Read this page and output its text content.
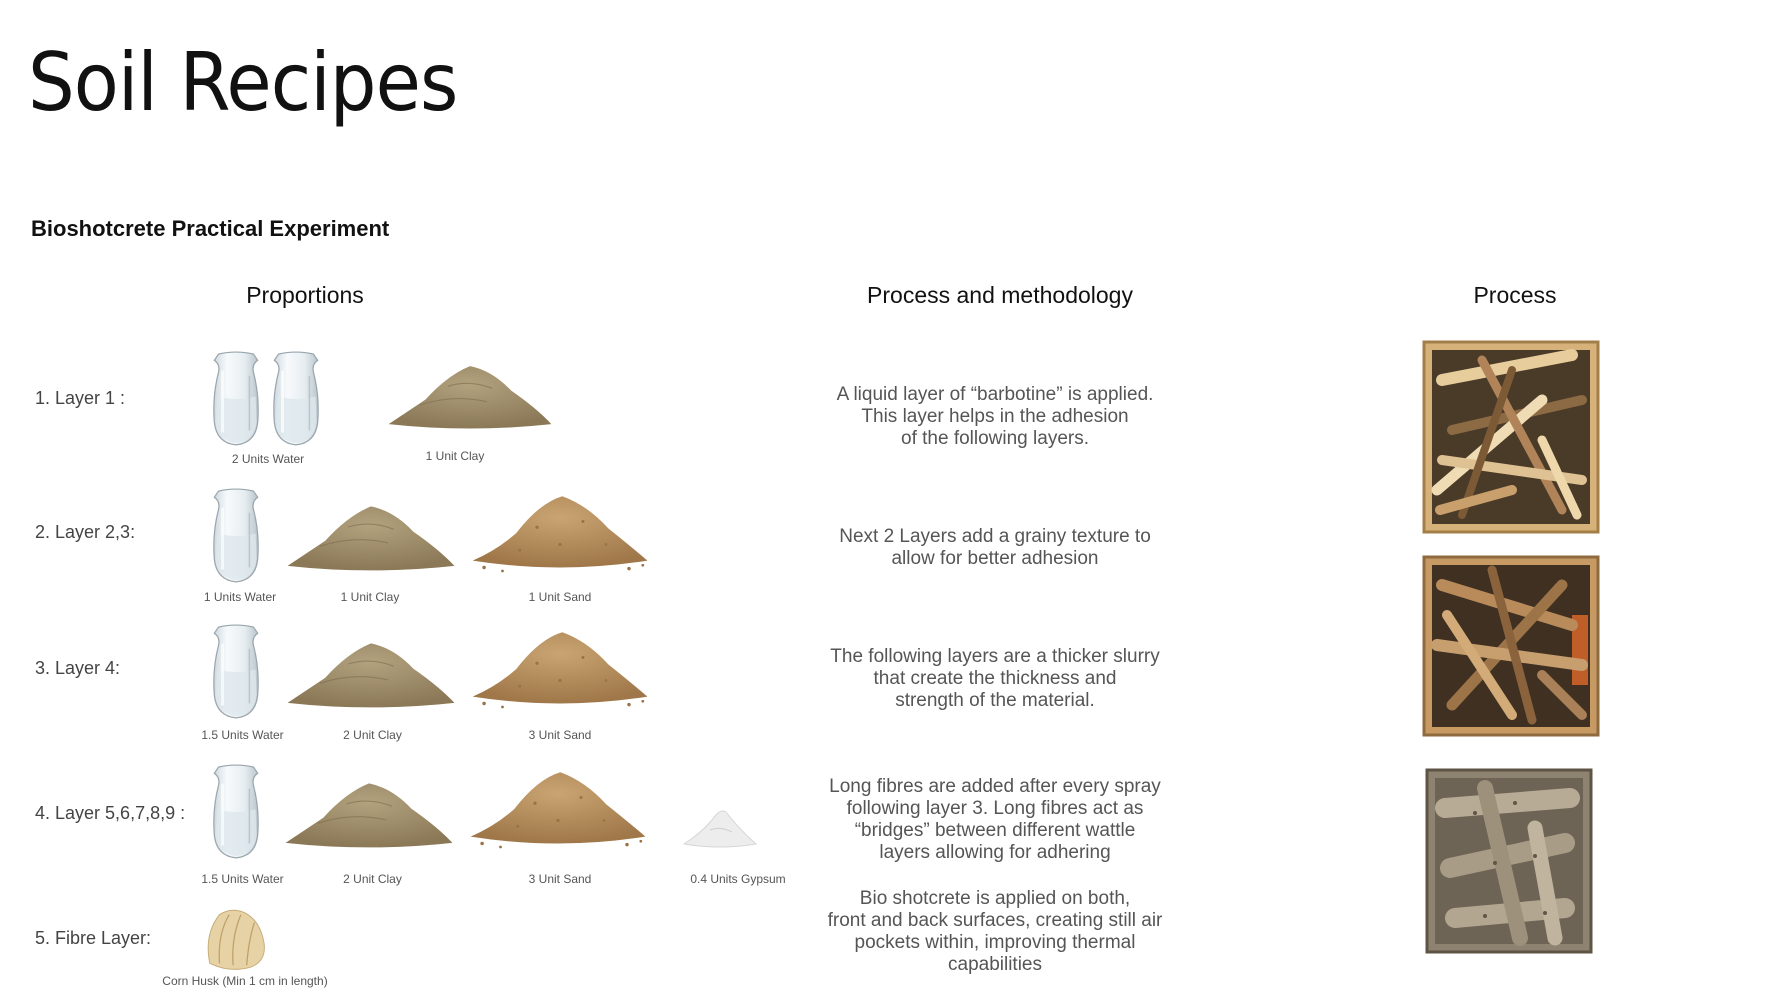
Soil Recipes
Bioshotcrete Practical Experiment
Proportions	Process and methodology	Process
1. Layer 1 :
2 Units Water	1 Unit Clay
A liquid layer of “barbotine” is applied.
This layer helps in the adhesion
of the following layers.
2. Layer 2,3:
1 Units Water	1 Unit Clay	1 Unit Sand
Next 2 Layers add a grainy texture to
allow for better adhesion
3. Layer 4:
1.5 Units Water	2 Unit Clay	3 Unit Sand
The following layers are a thicker slurry
that create the thickness and
strength of the material.
4. Layer 5,6,7,8,9 :
1.5 Units Water	2 Unit Clay	3 Unit Sand	0.4 Units Gypsum
Long fibres are added after every spray
following layer 3. Long fibres act as
“bridges” between different wattle
layers allowing for adhering
5. Fibre Layer:
Corn Husk (Min 1 cm in length)
Bio shotcrete is applied on both,
front and back surfaces, creating still air
pockets within, improving thermal
capabilities
